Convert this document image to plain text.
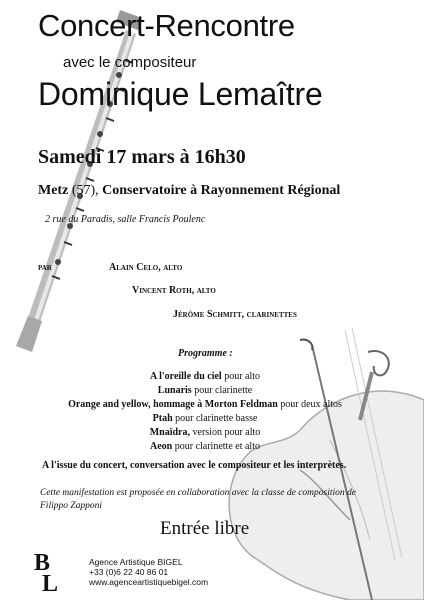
Concert-Rencontre
avec le compositeur
Dominique Lemaître
Samedi 17 mars à 16h30
Metz (57), Conservatoire à Rayonnement Régional
2 rue du Paradis, salle Francis Poulenc
par	Alain Celo, alto
Vincent Roth, alto
Jérôme Schmitt, clarinettes
Programme :
A l'oreille du ciel pour alto
Lunaris pour clarinette
Orange and yellow, hommage à Morton Feldman pour deux altos
Ptah pour clarinette basse
Mnaïdra, version pour alto
Aeon pour clarinette et alto
A l'issue du concert, conversation avec le compositeur et les interprètes.
Cette manifestation est proposée en collaboration avec la classe de composition de Filippo Zapponi
Entrée libre
B
L
Agence Artistique BIGEL
+33 (0)6 22 40 86 01
www.agenceartistiquebigel.com
